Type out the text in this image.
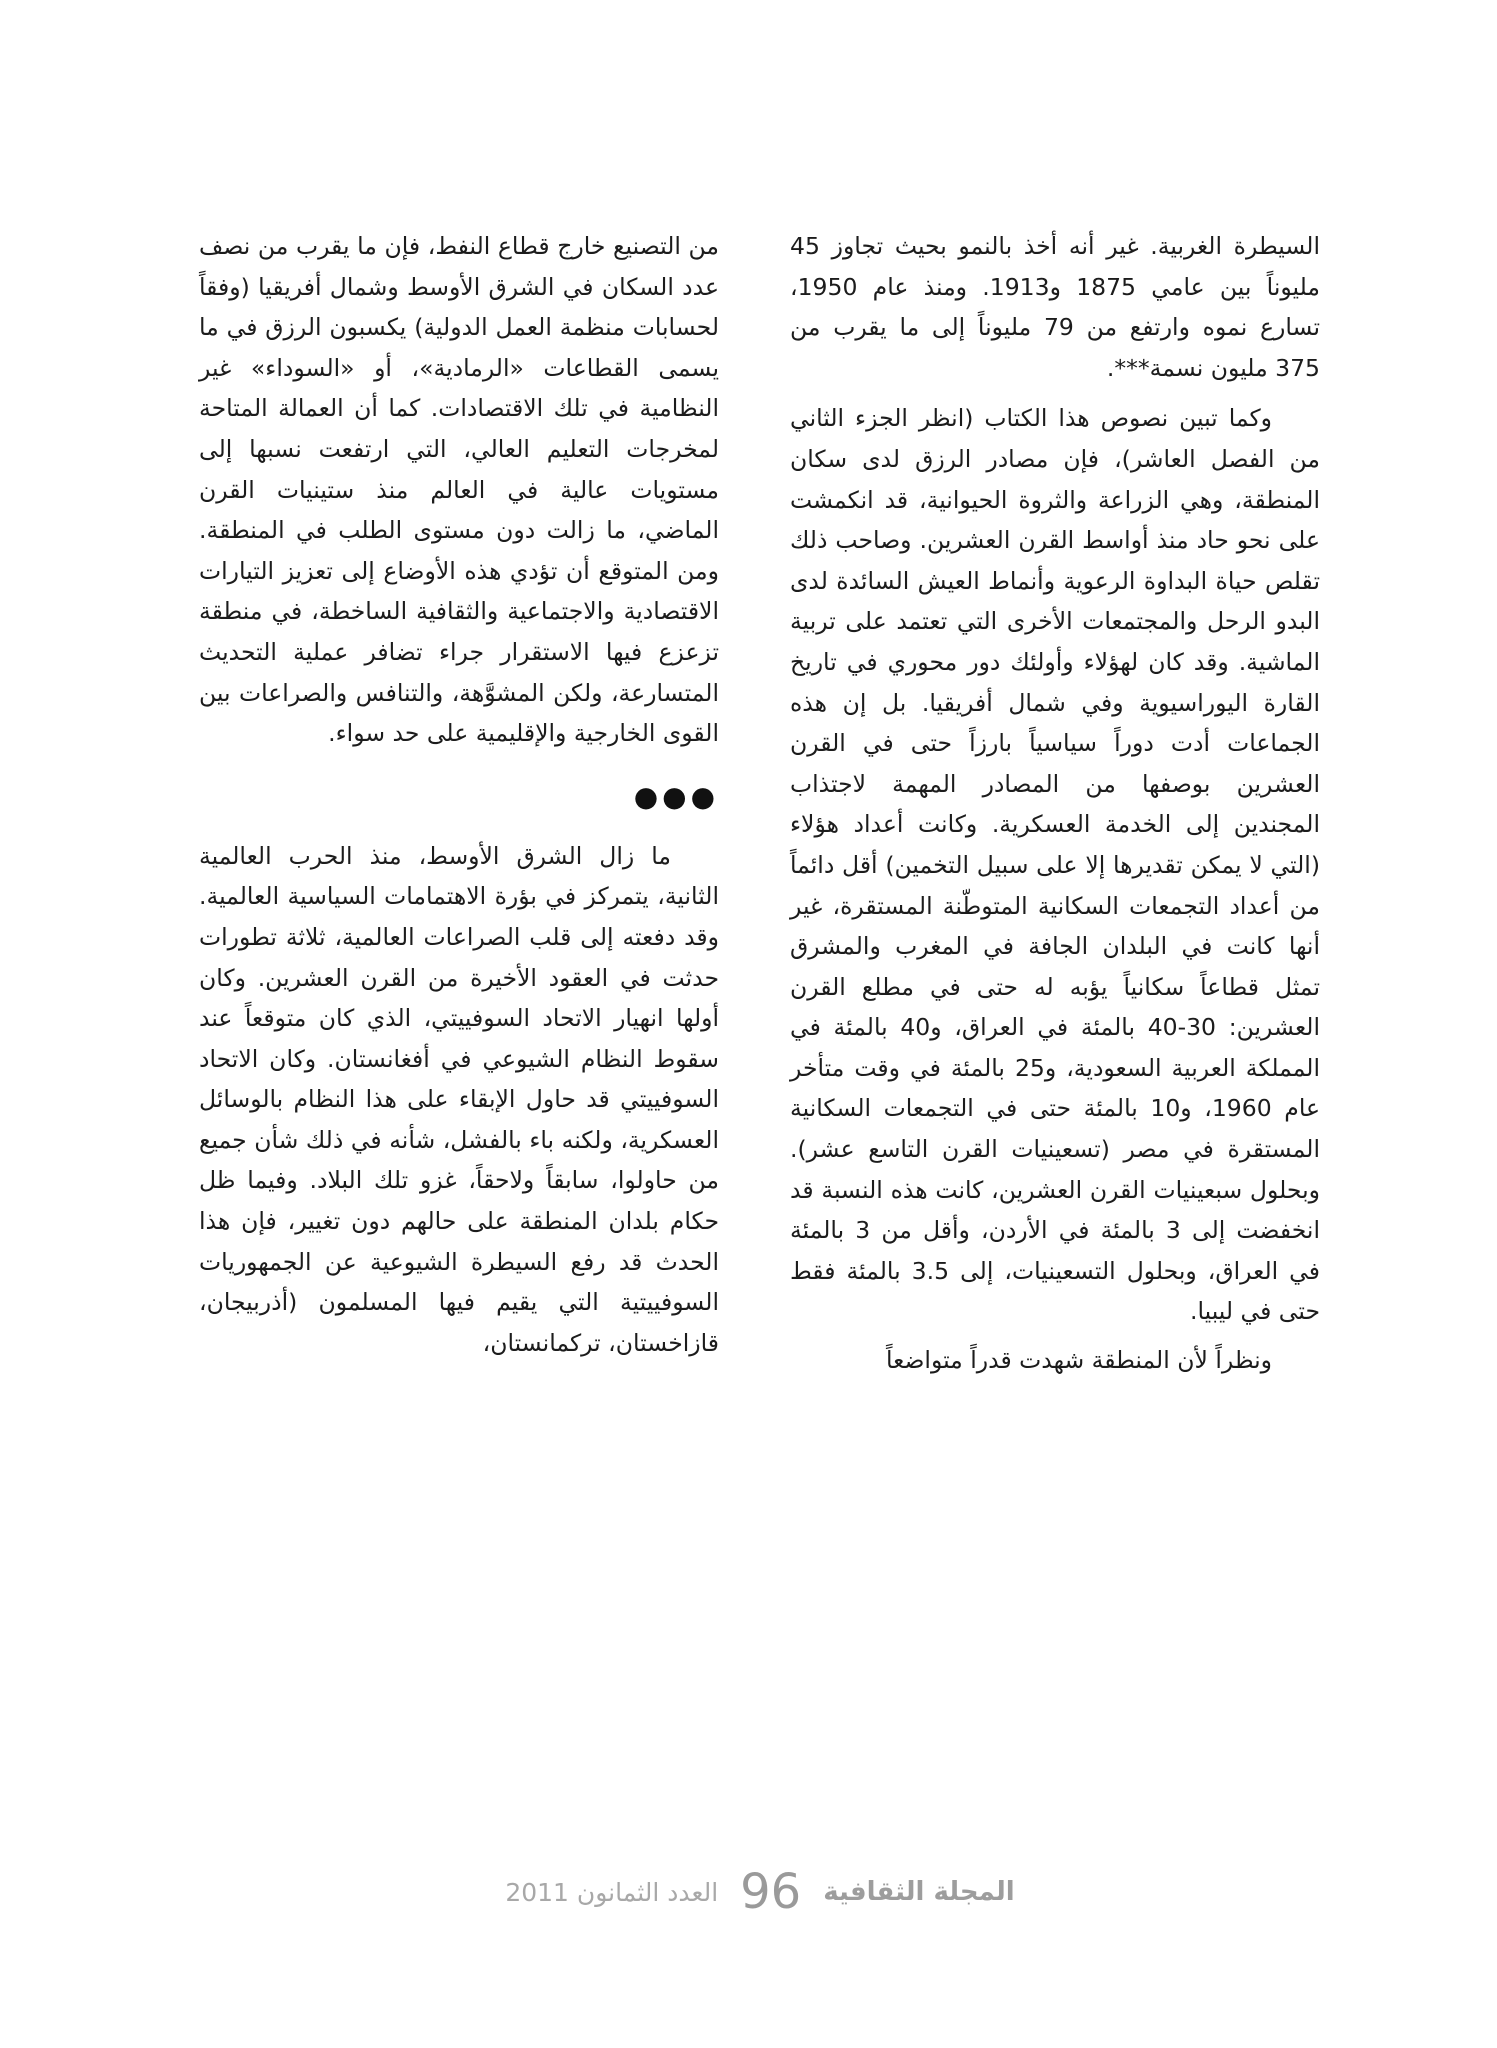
السيطرة الغربية. غير أنه أخذ بالنمو بحيث تجاوز 45 مليوناً بين عامي 1875 و1913. ومنذ عام 1950، تسارع نموه وارتفع من 79 مليوناً إلى ما يقرب من 375 مليون نسمة***.

وكما تبين نصوص هذا الكتاب (انظر الجزء الثاني من الفصل العاشر)، فإن مصادر الرزق لدى سكان المنطقة، وهي الزراعة والثروة الحيوانية، قد انكمشت على نحو حاد منذ أواسط القرن العشرين. وصاحب ذلك تقلص حياة البداوة الرعوية وأنماط العيش السائدة لدى البدو الرحل والمجتمعات الأخرى التي تعتمد على تربية الماشية. وقد كان لهؤلاء وأولئك دور محوري في تاريخ القارة اليوراسيوية وفي شمال أفريقيا. بل إن هذه الجماعات أدت دوراً سياسياً بارزاً حتى في القرن العشرين بوصفها من المصادر المهمة لاجتذاب المجندين إلى الخدمة العسكرية. وكانت أعداد هؤلاء (التي لا يمكن تقديرها إلا على سبيل التخمين) أقل دائماً من أعداد التجمعات السكانية المتوطّنة المستقرة، غير أنها كانت في البلدان الجافة في المغرب والمشرق تمثل قطاعاً سكانياً يؤبه له حتى في مطلع القرن العشرين: 30-40 بالمئة في العراق، و40 بالمئة في المملكة العربية السعودية، و25 بالمئة في وقت متأخر عام 1960، و10 بالمئة حتى في التجمعات السكانية المستقرة في مصر (تسعينيات القرن التاسع عشر). وبحلول سبعينيات القرن العشرين، كانت هذه النسبة قد انخفضت إلى 3 بالمئة في الأردن، وأقل من 3 بالمئة في العراق، وبحلول التسعينيات، إلى 3.5 بالمئة فقط حتى في ليبيا.

ونظراً لأن المنطقة شهدت قدراً متواضعاً

من التصنيع خارج قطاع النفط، فإن ما يقرب من نصف عدد السكان في الشرق الأوسط وشمال أفريقيا (وفقاً لحسابات منظمة العمل الدولية) يكسبون الرزق في ما يسمى القطاعات «الرمادية»، أو «السوداء» غير النظامية في تلك الاقتصادات. كما أن العمالة المتاحة لمخرجات التعليم العالي، التي ارتفعت نسبها إلى مستويات عالية في العالم منذ ستينيات القرن الماضي، ما زالت دون مستوى الطلب في المنطقة. ومن المتوقع أن تؤدي هذه الأوضاع إلى تعزيز التيارات الاقتصادية والاجتماعية والثقافية الساخطة، في منطقة تزعزع فيها الاستقرار جراء تضافر عملية التحديث المتسارعة، ولكن المشوَّهة، والتنافس والصراعات بين القوى الخارجية والإقليمية على حد سواء.

●●●

ما زال الشرق الأوسط، منذ الحرب العالمية الثانية، يتمركز في بؤرة الاهتمامات السياسية العالمية. وقد دفعته إلى قلب الصراعات العالمية، ثلاثة تطورات حدثت في العقود الأخيرة من القرن العشرين. وكان أولها انهيار الاتحاد السوفييتي، الذي كان متوقعاً عند سقوط النظام الشيوعي في أفغانستان. وكان الاتحاد السوفييتي قد حاول الإبقاء على هذا النظام بالوسائل العسكرية، ولكنه باء بالفشل، شأنه في ذلك شأن جميع من حاولوا، سابقاً ولاحقاً، غزو تلك البلاد. وفيما ظل حكام بلدان المنطقة على حالهم دون تغيير، فإن هذا الحدث قد رفع السيطرة الشيوعية عن الجمهوريات السوفييتية التي يقيم فيها المسلمون (أذربيجان، قازاخستان، تركمانستان،

العدد الثمانون 2011 96 المجلة الثقافية
